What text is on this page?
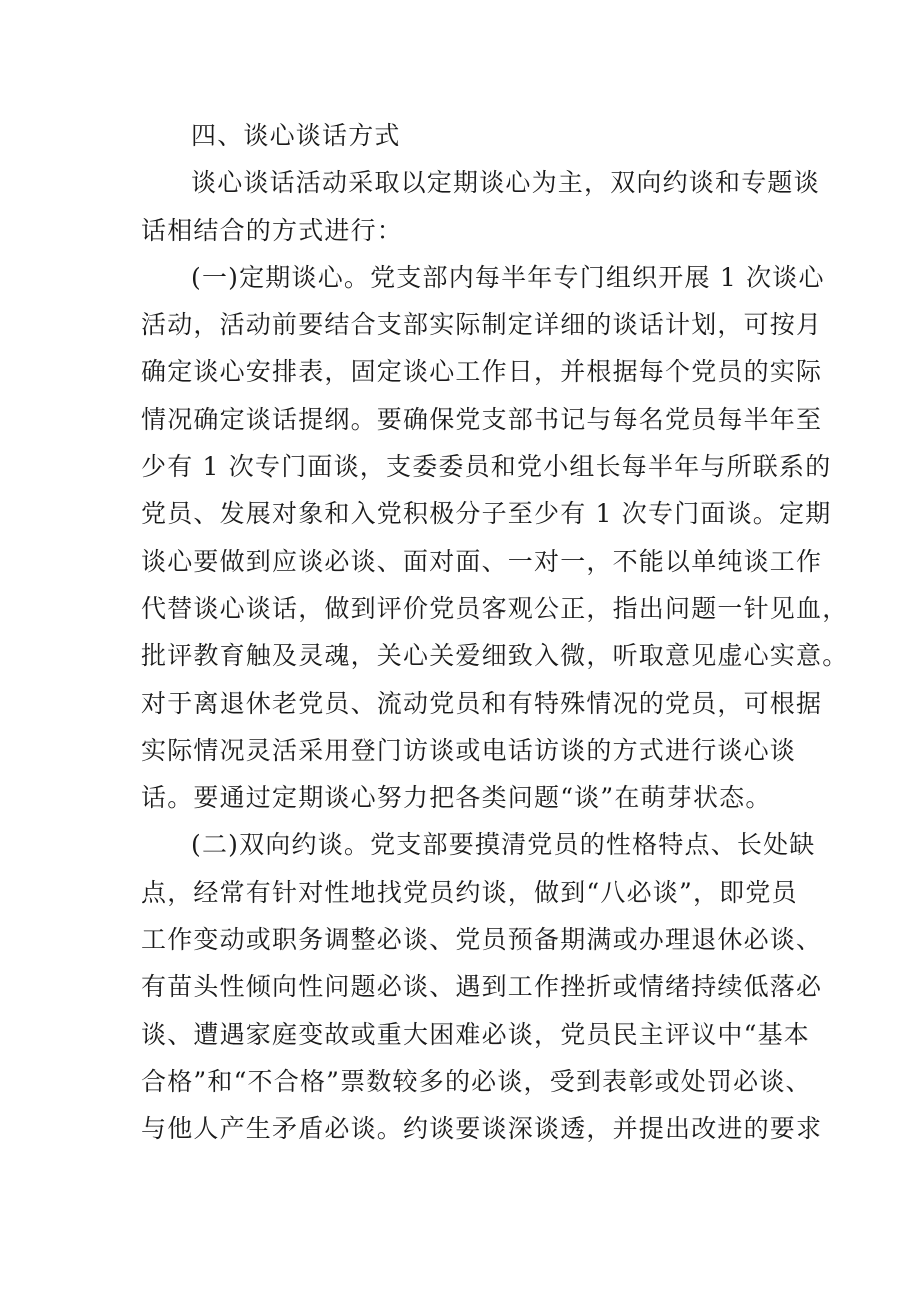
四、谈心谈话方式
谈心谈话活动采取以定期谈心为主，双向约谈和专题谈
话相结合的方式进行：
(一)定期谈心。党支部内每半年专门组织开展 1 次谈心
活动，活动前要结合支部实际制定详细的谈话计划，可按月
确定谈心安排表，固定谈心工作日，并根据每个党员的实际
情况确定谈话提纲。要确保党支部书记与每名党员每半年至
少有 1 次专门面谈，支委委员和党小组长每半年与所联系的
党员、发展对象和入党积极分子至少有 1 次专门面谈。定期
谈心要做到应谈必谈、面对面、一对一，不能以单纯谈工作
代替谈心谈话，做到评价党员客观公正，指出问题一针见血，
批评教育触及灵魂，关心关爱细致入微，听取意见虚心实意。
对于离退休老党员、流动党员和有特殊情况的党员，可根据
实际情况灵活采用登门访谈或电话访谈的方式进行谈心谈
话。要通过定期谈心努力把各类问题“谈”在萌芽状态。
(二)双向约谈。党支部要摸清党员的性格特点、长处缺
点，经常有针对性地找党员约谈，做到“八必谈”，即党员
工作变动或职务调整必谈、党员预备期满或办理退休必谈、
有苗头性倾向性问题必谈、遇到工作挫折或情绪持续低落必
谈、遭遇家庭变故或重大困难必谈，党员民主评议中“基本
合格”和“不合格”票数较多的必谈，受到表彰或处罚必谈、
与他人产生矛盾必谈。约谈要谈深谈透，并提出改进的要求
